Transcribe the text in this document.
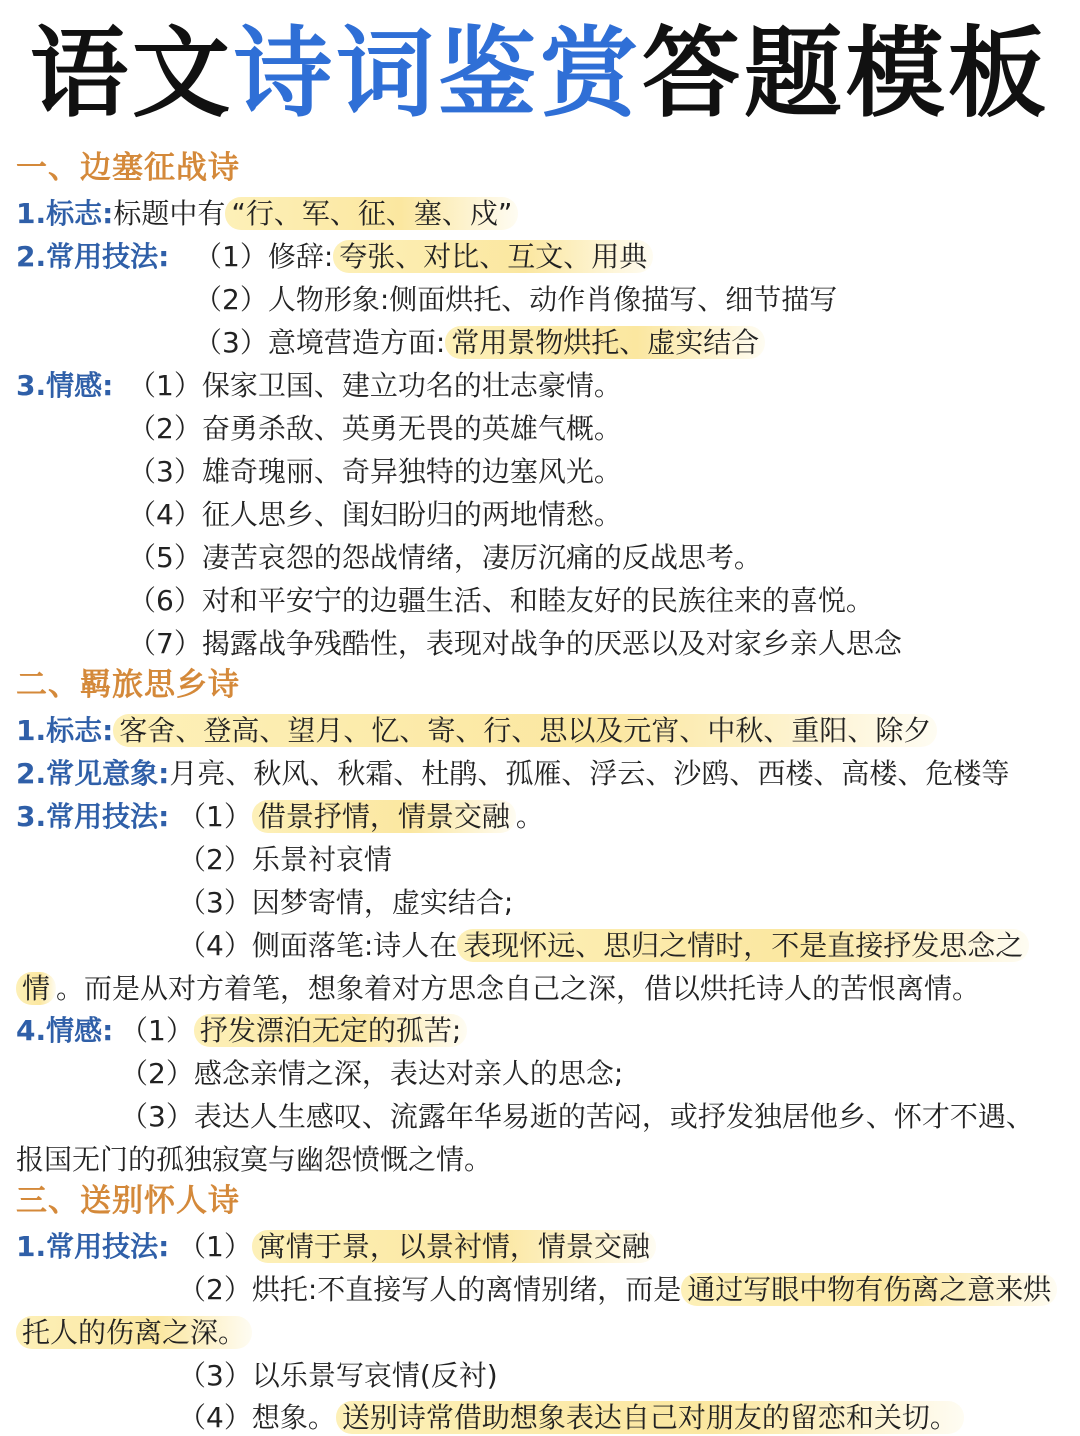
语文诗词鉴赏答题模板
一、边塞征战诗
1.标志:标题中有 “行、军、征、塞、戍”
2.常用技法: （1）修辞: 夸张、对比、互文、用典
（2）人物形象:侧面烘托、动作肖像描写、细节描写
（3）意境营造方面: 常用景物烘托、虚实结合
3.情感: （1）保家卫国、建立功名的壮志豪情。
（2）奋勇杀敌、英勇无畏的英雄气概。
（3）雄奇瑰丽、奇异独特的边塞风光。
（4）征人思乡、闺妇盼归的两地情愁。
（5）凄苦哀怨的怨战情绪，凄厉沉痛的反战思考。
（6）对和平安宁的边疆生活、和睦友好的民族往来的喜悦。
（7）揭露战争残酷性，表现对战争的厌恶以及对家乡亲人思念
二、羁旅思乡诗
1.标志: 客舍、登高、望月、忆、寄、行、思以及元宵、中秋、重阳、除夕
2.常见意象:月亮、秋风、秋霜、杜鹃、孤雁、浮云、沙鸥、西楼、高楼、危楼等
3.常用技法: （1） 借景抒情，情景交融 。
（2）乐景衬哀情
（3）因梦寄情，虚实结合;
（4）侧面落笔:诗人在 表现怀远、思归之情时，不是直接抒发思念之
情 。而是从对方着笔，想象着对方思念自己之深，借以烘托诗人的苦恨离情。
4.情感: （1） 抒发漂泊无定的孤苦;
（2）感念亲情之深，表达对亲人的思念;
（3）表达人生感叹、流露年华易逝的苦闷，或抒发独居他乡、怀才不遇、
报国无门的孤独寂寞与幽怨愤慨之情。
三、送别怀人诗
1.常用技法: （1） 寓情于景，以景衬情，情景交融
（2）烘托:不直接写人的离情别绪，而是 通过写眼中物有伤离之意来烘
托人的伤离之深。
（3）以乐景写哀情(反衬)
（4）想象。 送别诗常借助想象表达自己对朋友的留恋和关切。
